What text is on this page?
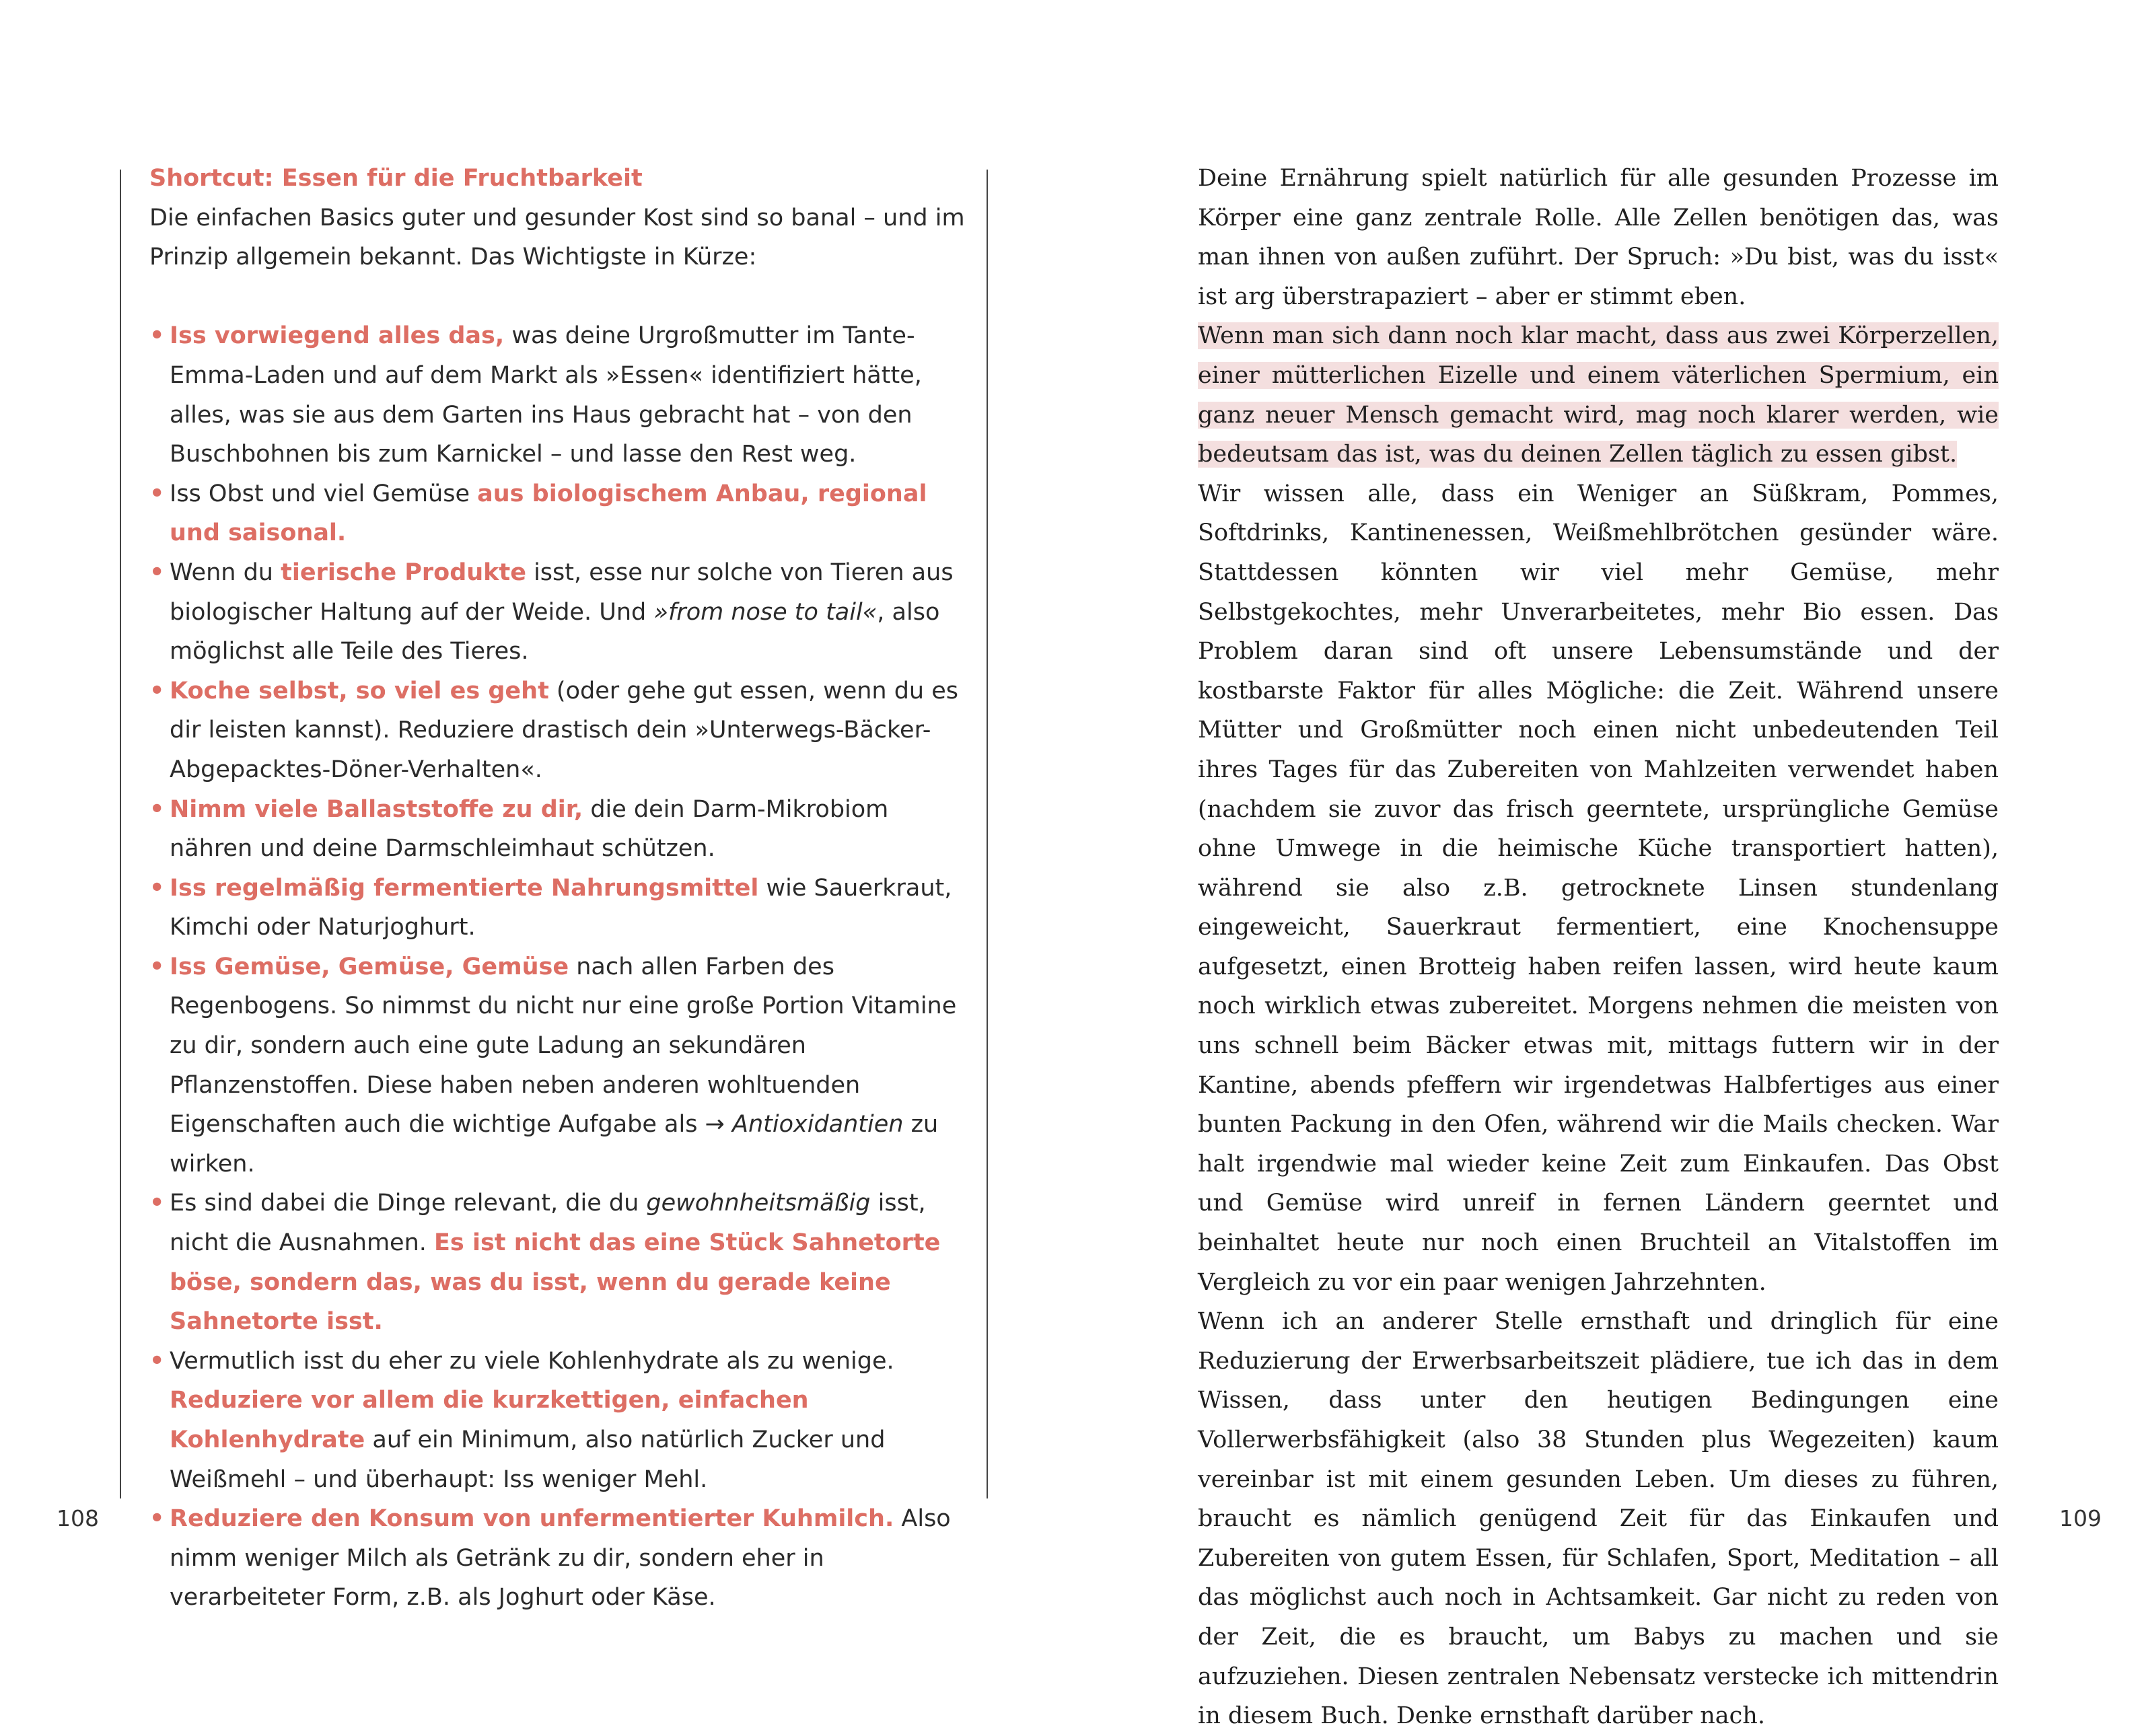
108

Shortcut: Essen für die Fruchtbarkeit

Die einfachen Basics guter und gesunder Kost sind so banal – und im Prinzip allgemein bekannt. Das Wichtigste in Kürze:

• Iss vorwiegend alles das, was deine Urgroßmutter im Tante-Emma-Laden und auf dem Markt als »Essen« identifiziert hätte, alles, was sie aus dem Garten ins Haus gebracht hat – von den Buschbohnen bis zum Karnickel – und lasse den Rest weg.
• Iss Obst und viel Gemüse aus biologischem Anbau, regional und saisonal.
• Wenn du tierische Produkte isst, esse nur solche von Tieren aus biologischer Haltung auf der Weide. Und »from nose to tail«, also möglichst alle Teile des Tieres.
• Koche selbst, so viel es geht (oder gehe gut essen, wenn du es dir leisten kannst). Reduziere drastisch dein »Unterwegs-Bäcker-Abgepacktes-Döner-Verhalten«.
• Nimm viele Ballaststoffe zu dir, die dein Darm-Mikrobiom nähren und deine Darmschleimhaut schützen.
• Iss regelmäßig fermentierte Nahrungsmittel wie Sauerkraut, Kimchi oder Naturjoghurt.
• Iss Gemüse, Gemüse, Gemüse nach allen Farben des Regenbogens. So nimmst du nicht nur eine große Portion Vitamine zu dir, sondern auch eine gute Ladung an sekundären Pflanzenstoffen. Diese haben neben anderen wohltuenden Eigenschaften auch die wichtige Aufgabe als → Antioxidantien zu wirken.
• Es sind dabei die Dinge relevant, die du gewohnheitsmäßig isst, nicht die Ausnahmen. Es ist nicht das eine Stück Sahnetorte böse, sondern das, was du isst, wenn du gerade keine Sahnetorte isst.
• Vermutlich isst du eher zu viele Kohlenhydrate als zu wenige. Reduziere vor allem die kurzkettigen, einfachen Kohlenhydrate auf ein Minimum, also natürlich Zucker und Weißmehl – und überhaupt: Iss weniger Mehl.
• Reduziere den Konsum von unfermentierter Kuhmilch. Also nimm weniger Milch als Getränk zu dir, sondern eher in verarbeiteter Form, z.B. als Joghurt oder Käse.

Deine Ernährung spielt natürlich für alle gesunden Prozesse im Körper eine ganz zentrale Rolle. Alle Zellen benötigen das, was man ihnen von außen zuführt. Der Spruch: »Du bist, was du isst« ist arg überstrapaziert – aber er stimmt eben.

Wenn man sich dann noch klar macht, dass aus zwei Körperzellen, einer mütterlichen Eizelle und einem väterlichen Spermium, ein ganz neuer Mensch gemacht wird, mag noch klarer werden, wie bedeutsam das ist, was du deinen Zellen täglich zu essen gibst.

Wir wissen alle, dass ein Weniger an Süßkram, Pommes, Softdrinks, Kantinenessen, Weißmehlbrötchen gesünder wäre. Stattdessen könnten wir viel mehr Gemüse, mehr Selbstgekochtes, mehr Unverarbeitetes, mehr Bio essen. Das Problem daran sind oft unsere Lebensumstände und der kostbarste Faktor für alles Mögliche: die Zeit. Während unsere Mütter und Großmütter noch einen nicht unbedeutenden Teil ihres Tages für das Zubereiten von Mahlzeiten verwendet haben (nachdem sie zuvor das frisch geerntete, ursprüngliche Gemüse ohne Umwege in die heimische Küche transportiert hatten), während sie also z.B. getrocknete Linsen stundenlang eingeweicht, Sauerkraut fermentiert, eine Knochensuppe aufgesetzt, einen Brotteig haben reifen lassen, wird heute kaum noch wirklich etwas zubereitet. Morgens nehmen die meisten von uns schnell beim Bäcker etwas mit, mittags futtern wir in der Kantine, abends pfeffern wir irgendetwas Halbfertiges aus einer bunten Packung in den Ofen, während wir die Mails checken. War halt irgendwie mal wieder keine Zeit zum Einkaufen. Das Obst und Gemüse wird unreif in fernen Ländern geerntet und beinhaltet heute nur noch einen Bruchteil an Vitalstoffen im Vergleich zu vor ein paar wenigen Jahrzehnten.

Wenn ich an anderer Stelle ernsthaft und dringlich für eine Reduzierung der Erwerbsarbeitszeit plädiere, tue ich das in dem Wissen, dass unter den heutigen Bedingungen eine Vollerwerbsfähigkeit (also 38 Stunden plus Wegezeiten) kaum vereinbar ist mit einem gesunden Leben. Um dieses zu führen, braucht es nämlich genügend Zeit für das Einkaufen und Zubereiten von gutem Essen, für Schlafen, Sport, Meditation – all das möglichst auch noch in Achtsamkeit. Gar nicht zu reden von der Zeit, die es braucht, um Babys zu machen und sie aufzuziehen. Diesen zentralen Nebensatz verstecke ich mittendrin in diesem Buch. Denke ernsthaft darüber nach.

109
